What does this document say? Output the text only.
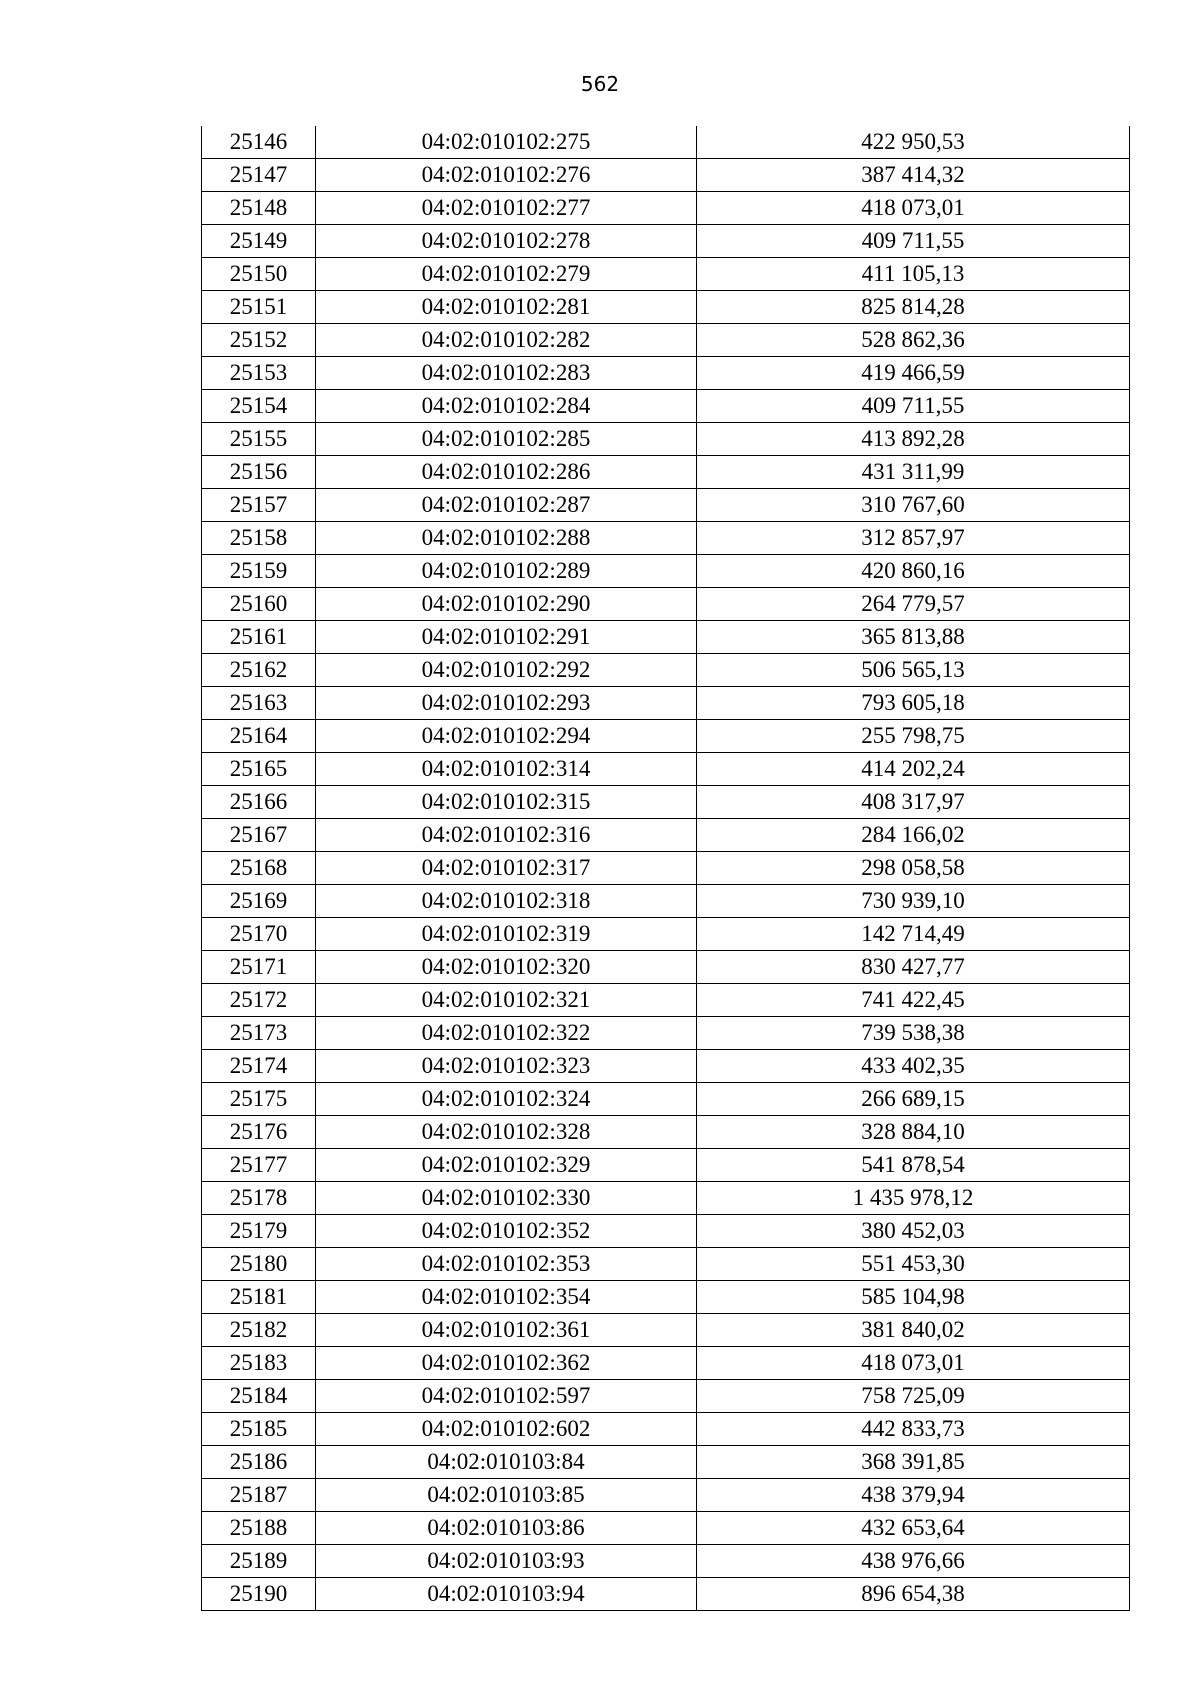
562
25146	04:02:010102:275	422 950,53
25147	04:02:010102:276	387 414,32
25148	04:02:010102:277	418 073,01
25149	04:02:010102:278	409 711,55
25150	04:02:010102:279	411 105,13
25151	04:02:010102:281	825 814,28
25152	04:02:010102:282	528 862,36
25153	04:02:010102:283	419 466,59
25154	04:02:010102:284	409 711,55
25155	04:02:010102:285	413 892,28
25156	04:02:010102:286	431 311,99
25157	04:02:010102:287	310 767,60
25158	04:02:010102:288	312 857,97
25159	04:02:010102:289	420 860,16
25160	04:02:010102:290	264 779,57
25161	04:02:010102:291	365 813,88
25162	04:02:010102:292	506 565,13
25163	04:02:010102:293	793 605,18
25164	04:02:010102:294	255 798,75
25165	04:02:010102:314	414 202,24
25166	04:02:010102:315	408 317,97
25167	04:02:010102:316	284 166,02
25168	04:02:010102:317	298 058,58
25169	04:02:010102:318	730 939,10
25170	04:02:010102:319	142 714,49
25171	04:02:010102:320	830 427,77
25172	04:02:010102:321	741 422,45
25173	04:02:010102:322	739 538,38
25174	04:02:010102:323	433 402,35
25175	04:02:010102:324	266 689,15
25176	04:02:010102:328	328 884,10
25177	04:02:010102:329	541 878,54
25178	04:02:010102:330	1 435 978,12
25179	04:02:010102:352	380 452,03
25180	04:02:010102:353	551 453,30
25181	04:02:010102:354	585 104,98
25182	04:02:010102:361	381 840,02
25183	04:02:010102:362	418 073,01
25184	04:02:010102:597	758 725,09
25185	04:02:010102:602	442 833,73
25186	04:02:010103:84	368 391,85
25187	04:02:010103:85	438 379,94
25188	04:02:010103:86	432 653,64
25189	04:02:010103:93	438 976,66
25190	04:02:010103:94	896 654,38
